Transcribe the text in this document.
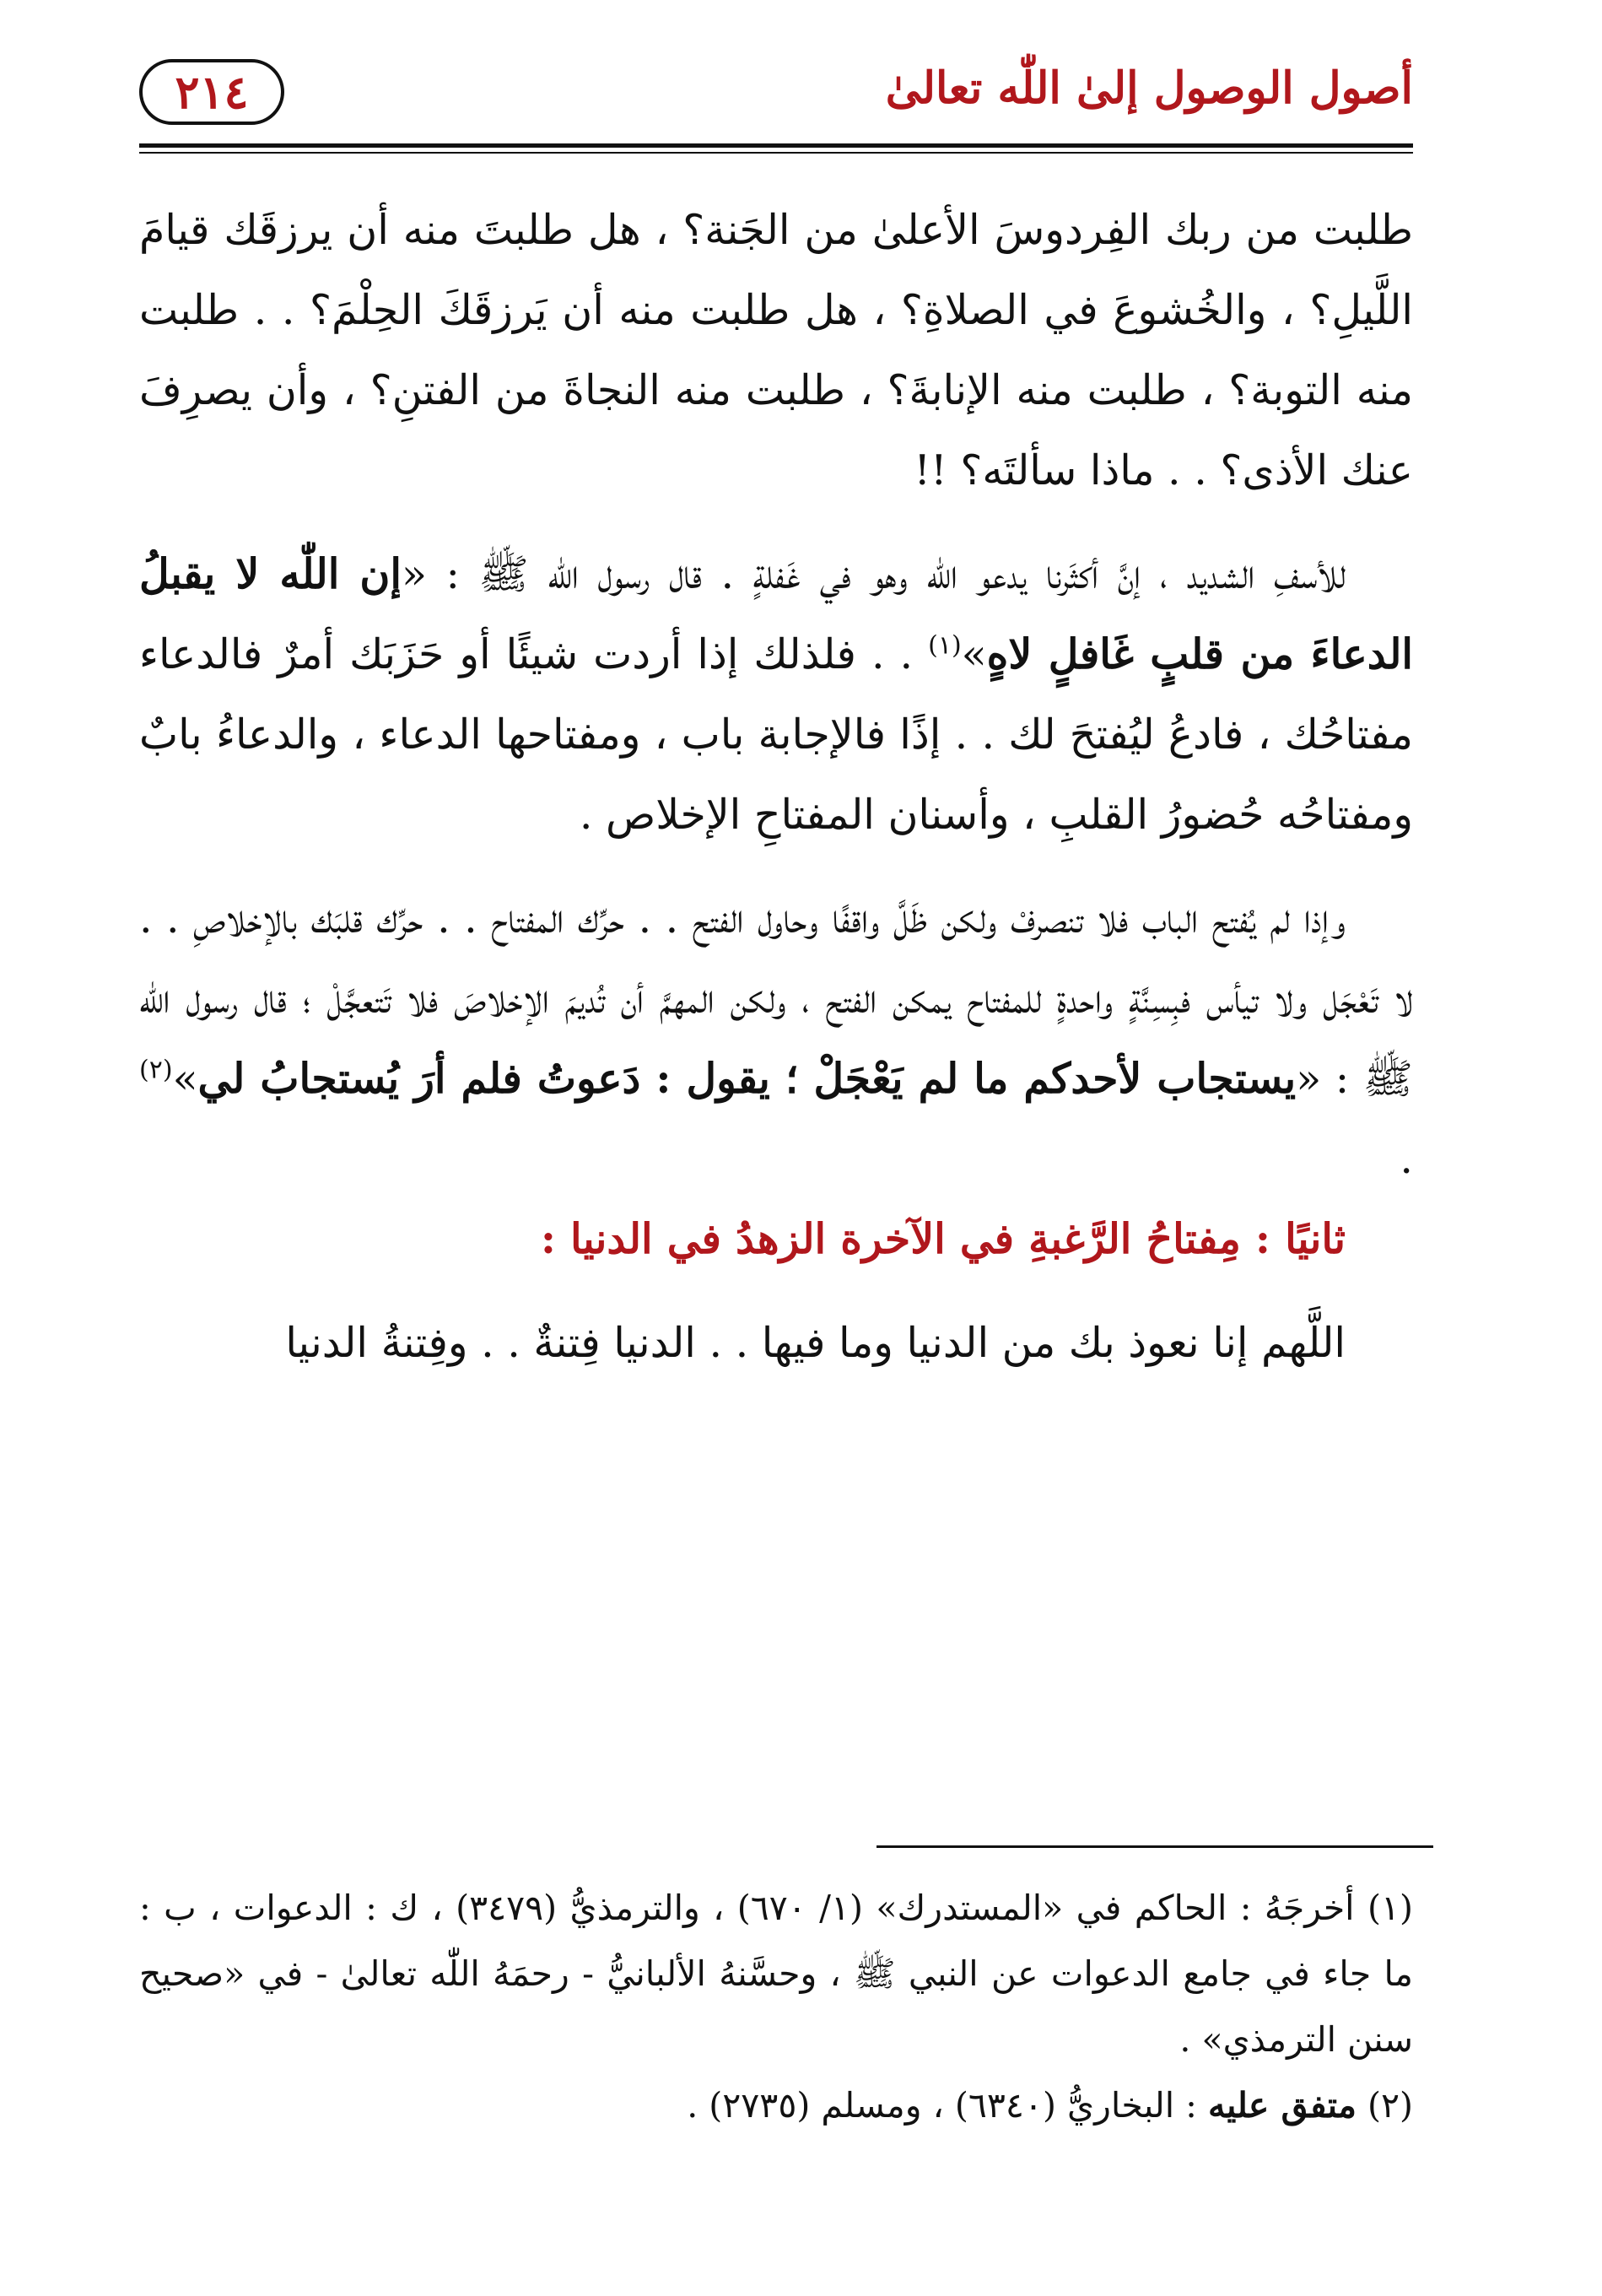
أصول الوصول إلىٰ اللّٰه تعالىٰ
٢١٤

طلبت من ربك الفِردوسَ الأعلىٰ من الجَنة؟ ، هل طلبتَ منه أن يرزقَك قيامَ اللَّيلِ؟ ، والخُشوعَ في الصلاةِ؟ ، هل طلبت منه أن يَرزقَكَ الحِلْمَ؟ . . طلبت منه التوبة؟ ، طلبت منه الإنابةَ؟ ، طلبت منه النجاةَ من الفتنِ؟ ، وأن يصرِفَ عنك الأذى؟ . . ماذا سألتَه؟ !!

للأسفِ الشديد ، إنَّ أكثَرنا يدعو اللّٰه وهو في غَفلةٍ . قال رسول اللّٰه ﷺ : «إن اللّٰه لا يقبلُ الدعاءَ من قلبٍ غَافلٍ لاهٍ»$^{(١)}$ . . فلذلك إذا أردت شيئًا أو حَزَبَك أمرٌ فالدعاء مفتاحُك ، فادعُ ليُفتحَ لك . . إذًا فالإجابة باب ، ومفتاحها الدعاء ، والدعاءُ بابٌ ومفتاحُه حُضورُ القلبِ ، وأسنان المفتاحِ الإخلاص .

وإذا لم يُفتح الباب فلا تنصرفْ ولكن ظَلَّ واقفًا وحاول الفتح . . حرِّك المفتاح . . حرِّك قلبَك بالإخلاصِ . . لا تَعْجَل ولا تيأس فبِسِنَّةٍ واحدةٍ للمفتاح يمكن الفتح ، ولكن المهمَّ أن تُديمَ الإخلاصَ فلا تَتعجَّلْ ؛ قال رسول اللّٰه ﷺ : «يستجاب لأحدكم ما لم يَعْجَلْ ؛ يقول : دَعوتُ فلم أرَ يُستجابُ لي»$^{(٢)}$ .

ثانيًا : مِفتاحُ الرَّغبةِ في الآخرة الزهدُ في الدنيا :

اللَّهم إنا نعوذ بك من الدنيا وما فيها . . الدنيا فِتنةٌ . . وفِتنةُ الدنيا

(١) أخرجَهُ : الحاكم في «المستدرك» (١/ ٦٧٠) ، والترمذيُّ (٣٤٧٩) ، ك : الدعوات ، ب : ما جاء في جامع الدعوات عن النبي ﷺ ، وحسَّنهُ الألبانيُّ - رحمَهُ اللّٰه تعالىٰ - في «صحيح سنن الترمذي» .

(٢) متفق عليه : البخاريُّ (٦٣٤٠) ، ومسلم (٢٧٣٥) .
